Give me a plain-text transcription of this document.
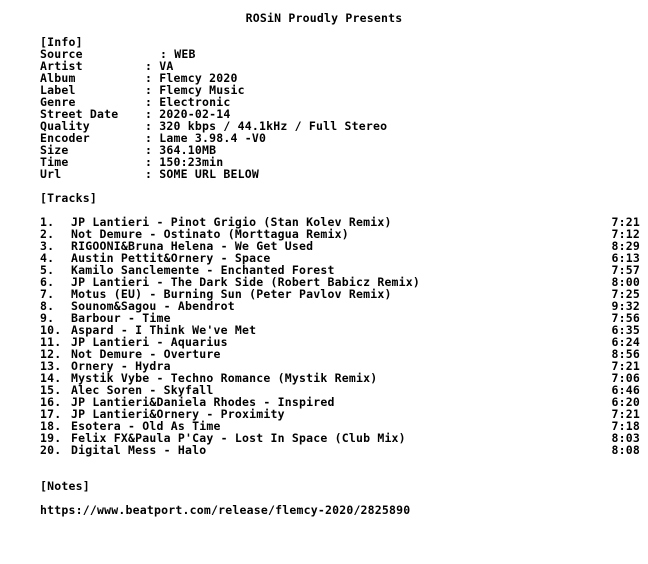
ROSiN Proudly Presents
[Info]
Source	: WEB
Artist	: VA
Album	: Flemcy 2020
Label	: Flemcy Music
Genre	: Electronic
Street Date : 2020-02-14
Quality	: 320 kbps / 44.1kHz / Full Stereo
Encoder	: Lame 3.98.4 -V0
Size	: 364.10MB
Time	: 150:23min
Url	: SOME URL BELOW
[Tracks]
1. JP Lantieri - Pinot Grigio (Stan Kolev Remix)	7:21
2. Not Demure - Ostinato (Morttagua Remix)	7:12
3. RIGOONI&Bruna Helena - We Get Used	8:29
4. Austin Pettit&Ornery - Space	6:13
5. Kamilo Sanclemente - Enchanted Forest	7:57
6. JP Lantieri - The Dark Side (Robert Babicz Remix)	8:00
7. Motus (EU) - Burning Sun (Peter Pavlov Remix)	7:25
8. Sounom&Sagou - Abendrot	9:32
9. Barbour - Time	7:56
10. Aspard - I Think We've Met	6:35
11. JP Lantieri - Aquarius	6:24
12. Not Demure - Overture	8:56
13. Ornery - Hydra	7:21
14. Mystik Vybe - Techno Romance (Mystik Remix)	7:06
15. Alec Soren - Skyfall	6:46
16. JP Lantieri&Daniela Rhodes - Inspired	6:20
17. JP Lantieri&Ornery - Proximity	7:21
18. Esotera - Old As Time	7:18
19. Felix FX&Paula P'Cay - Lost In Space (Club Mix)	8:03
20. Digital Mess - Halo	8:08
[Notes]
https://www.beatport.com/release/flemcy-2020/2825890
